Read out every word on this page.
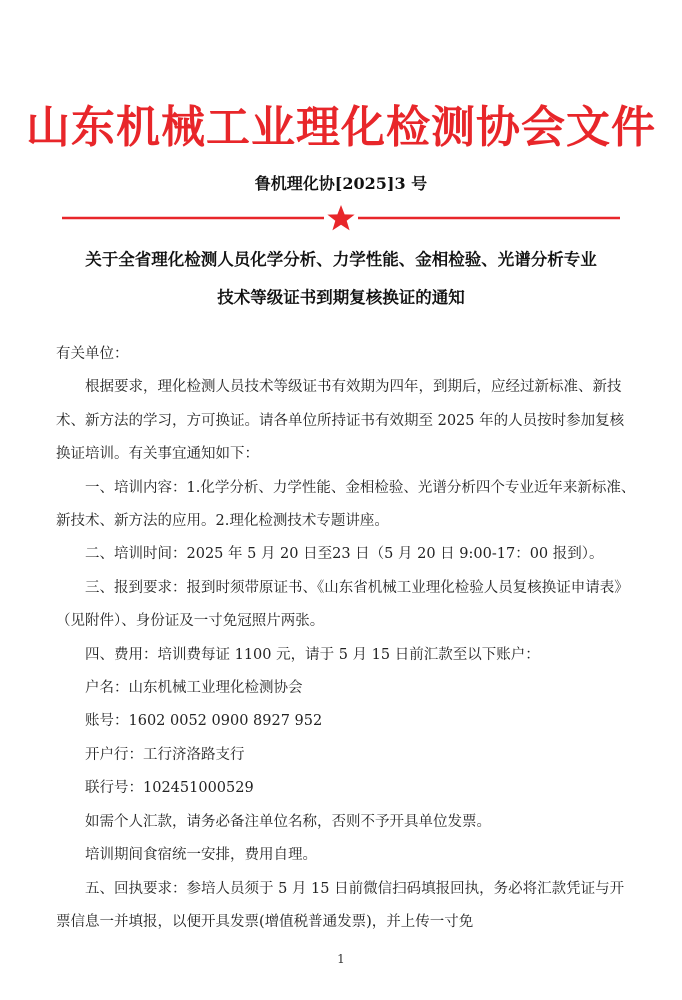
山东机械工业理化检测协会文件
鲁机理化协[2025]3 号
关于全省理化检测人员化学分析、力学性能、金相检验、光谱分析专业
技术等级证书到期复核换证的通知

有关单位：

根据要求，理化检测人员技术等级证书有效期为四年，到期后，应经过新标准、新技术、新方法的学习，方可换证。请各单位所持证书有效期至 2025 年的人员按时参加复核换证培训。有关事宜通知如下：

一、培训内容：1.化学分析、力学性能、金相检验、光谱分析四个专业近年来新标准、新技术、新方法的应用。2.理化检测技术专题讲座。

二、培训时间：2025 年 5 月 20 日至23 日（5 月 20 日 9:00-17：00 报到）。

三、报到要求：报到时须带原证书、《山东省机械工业理化检验人员复核换证申请表》（见附件）、身份证及一寸免冠照片两张。

四、费用：培训费每证 1100 元，请于 5 月 15 日前汇款至以下账户：

户名：山东机械工业理化检测协会

账号：1602 0052 0900 8927 952

开户行：工行济洛路支行

联行号：102451000529

如需个人汇款，请务必备注单位名称，否则不予开具单位发票。

培训期间食宿统一安排，费用自理。

五、回执要求：参培人员须于 5 月 15 日前微信扫码填报回执，务必将汇款凭证与开票信息一并填报，以便开具发票(增值税普通发票)，并上传一寸免

1
